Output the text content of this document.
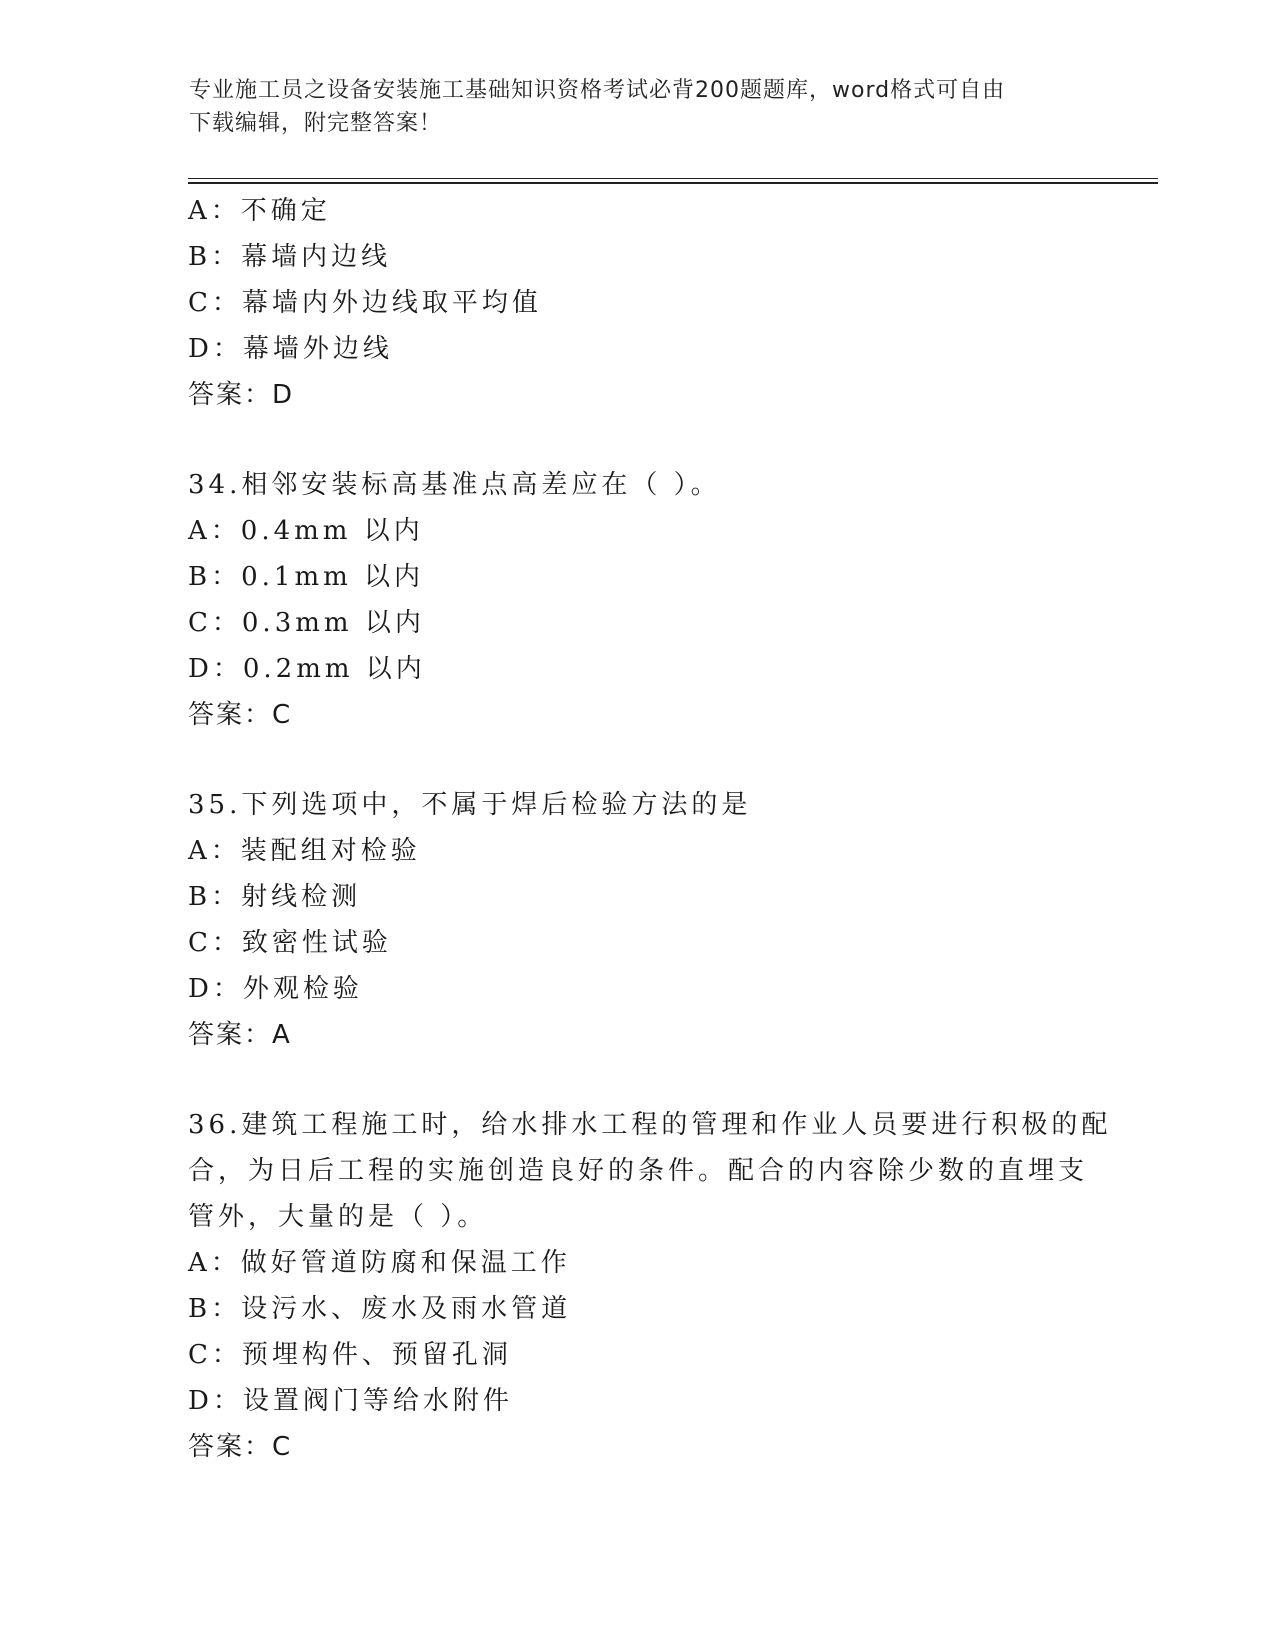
专业施工员之设备安装施工基础知识资格考试必背200题题库，word格式可自由
下载编辑，附完整答案！
A：不确定
B：幕墙内边线
C：幕墙内外边线取平均值
D：幕墙外边线
答案：D
34.相邻安装标高基准点高差应在（ ）。
A：0.4mm 以内
B：0.1mm 以内
C：0.3mm 以内
D：0.2mm 以内
答案：C
35.下列选项中，不属于焊后检验方法的是
A：装配组对检验
B：射线检测
C：致密性试验
D：外观检验
答案：A
36.建筑工程施工时，给水排水工程的管理和作业人员要进行积极的配
合，为日后工程的实施创造良好的条件。配合的内容除少数的直埋支
管外，大量的是（ ）。
A：做好管道防腐和保温工作
B：设污水、废水及雨水管道
C：预埋构件、预留孔洞
D：设置阀门等给水附件
答案：C
